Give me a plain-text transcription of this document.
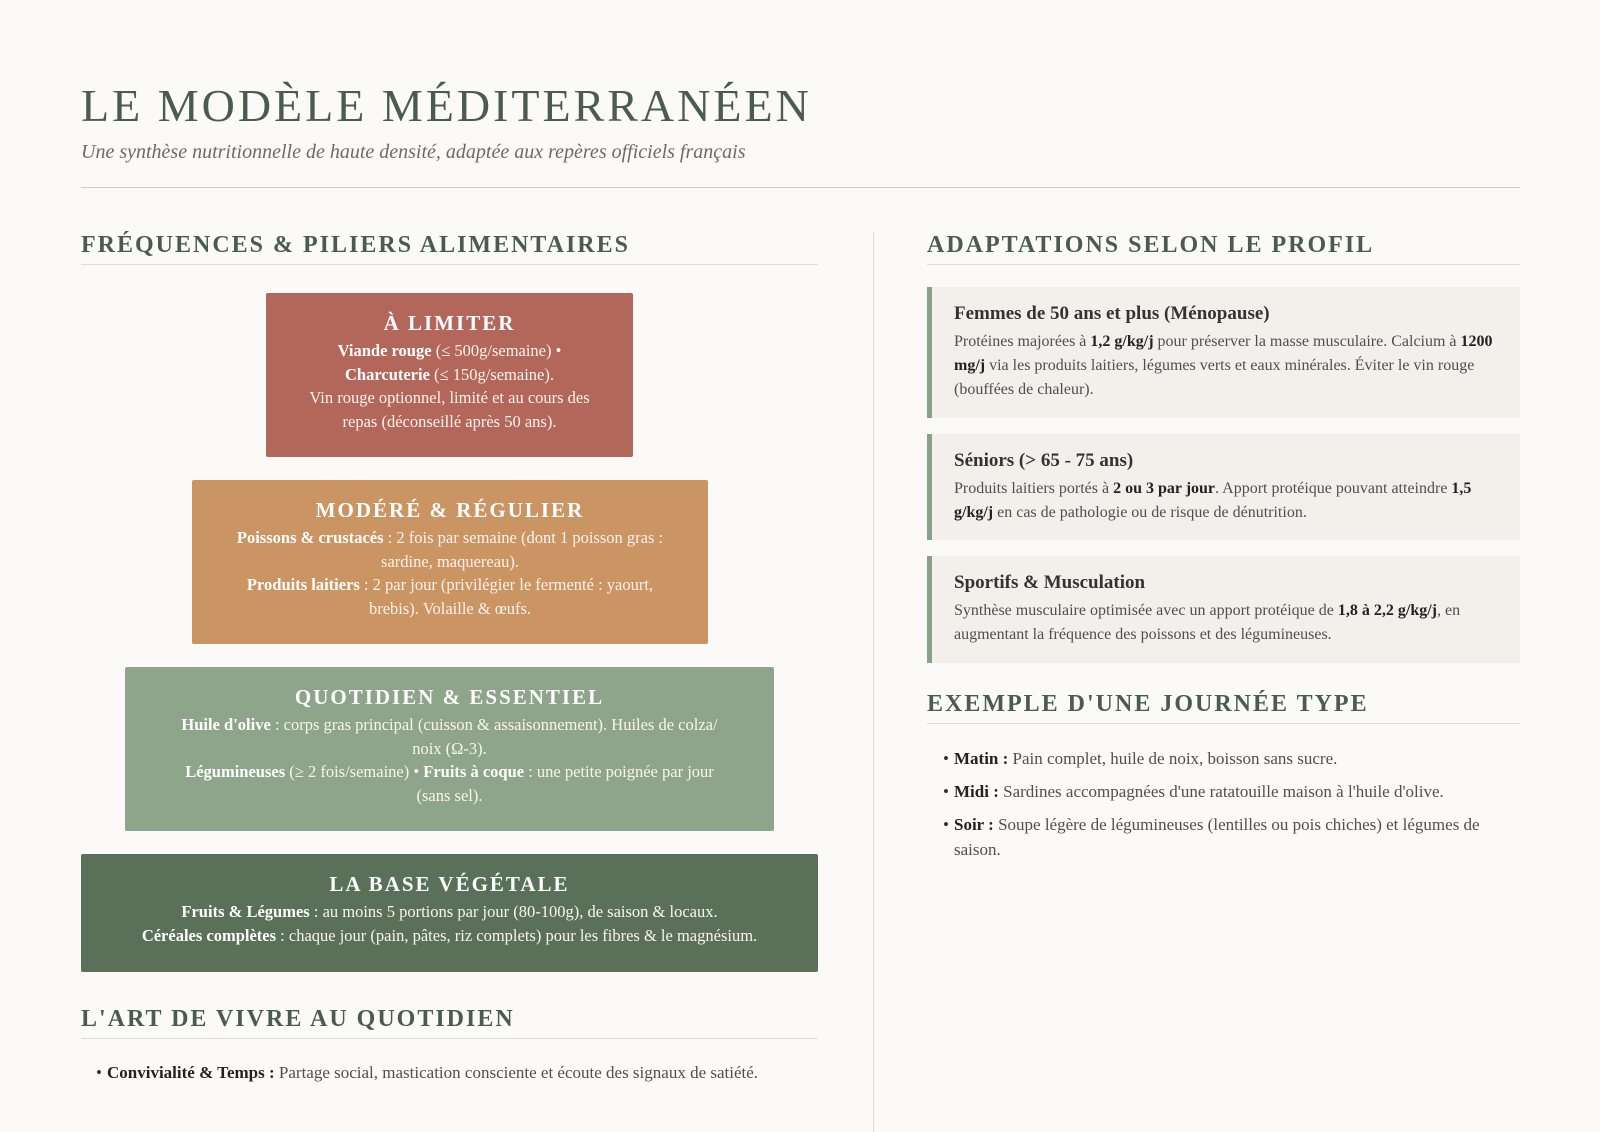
LE MODÈLE MÉDITERRANÉEN
Une synthèse nutritionnelle de haute densité, adaptée aux repères officiels français
FRÉQUENCES & PILIERS ALIMENTAIRES
À LIMITER
Viande rouge (≤ 500g/semaine) •
Charcuterie (≤ 150g/semaine).
Vin rouge optionnel, limité et au cours des
repas (déconseillé après 50 ans).
MODÉRÉ & RÉGULIER
Poissons & crustacés : 2 fois par semaine (dont 1 poisson gras :
sardine, maquereau).
Produits laitiers : 2 par jour (privilégier le fermenté : yaourt,
brebis). Volaille & œufs.
QUOTIDIEN & ESSENTIEL
Huile d'olive : corps gras principal (cuisson & assaisonnement). Huiles de colza/
noix (Ω-3).
Légumineuses (≥ 2 fois/semaine) • Fruits à coque : une petite poignée par jour
(sans sel).
LA BASE VÉGÉTALE
Fruits & Légumes : au moins 5 portions par jour (80-100g), de saison & locaux.
Céréales complètes : chaque jour (pain, pâtes, riz complets) pour les fibres & le magnésium.
L'ART DE VIVRE AU QUOTIDIEN
• Convivialité & Temps : Partage social, mastication consciente et écoute des signaux de satiété.
ADAPTATIONS SELON LE PROFIL
Femmes de 50 ans et plus (Ménopause)
Protéines majorées à 1,2 g/kg/j pour préserver la masse musculaire. Calcium à 1200 mg/j via les produits laitiers, légumes verts et eaux minérales. Éviter le vin rouge (bouffées de chaleur).
Séniors (> 65 - 75 ans)
Produits laitiers portés à 2 ou 3 par jour. Apport protéique pouvant atteindre 1,5 g/kg/j en cas de pathologie ou de risque de dénutrition.
Sportifs & Musculation
Synthèse musculaire optimisée avec un apport protéique de 1,8 à 2,2 g/kg/j, en augmentant la fréquence des poissons et des légumineuses.
EXEMPLE D'UNE JOURNÉE TYPE
• Matin : Pain complet, huile de noix, boisson sans sucre.
• Midi : Sardines accompagnées d'une ratatouille maison à l'huile d'olive.
• Soir : Soupe légère de légumineuses (lentilles ou pois chiches) et légumes de saison.
